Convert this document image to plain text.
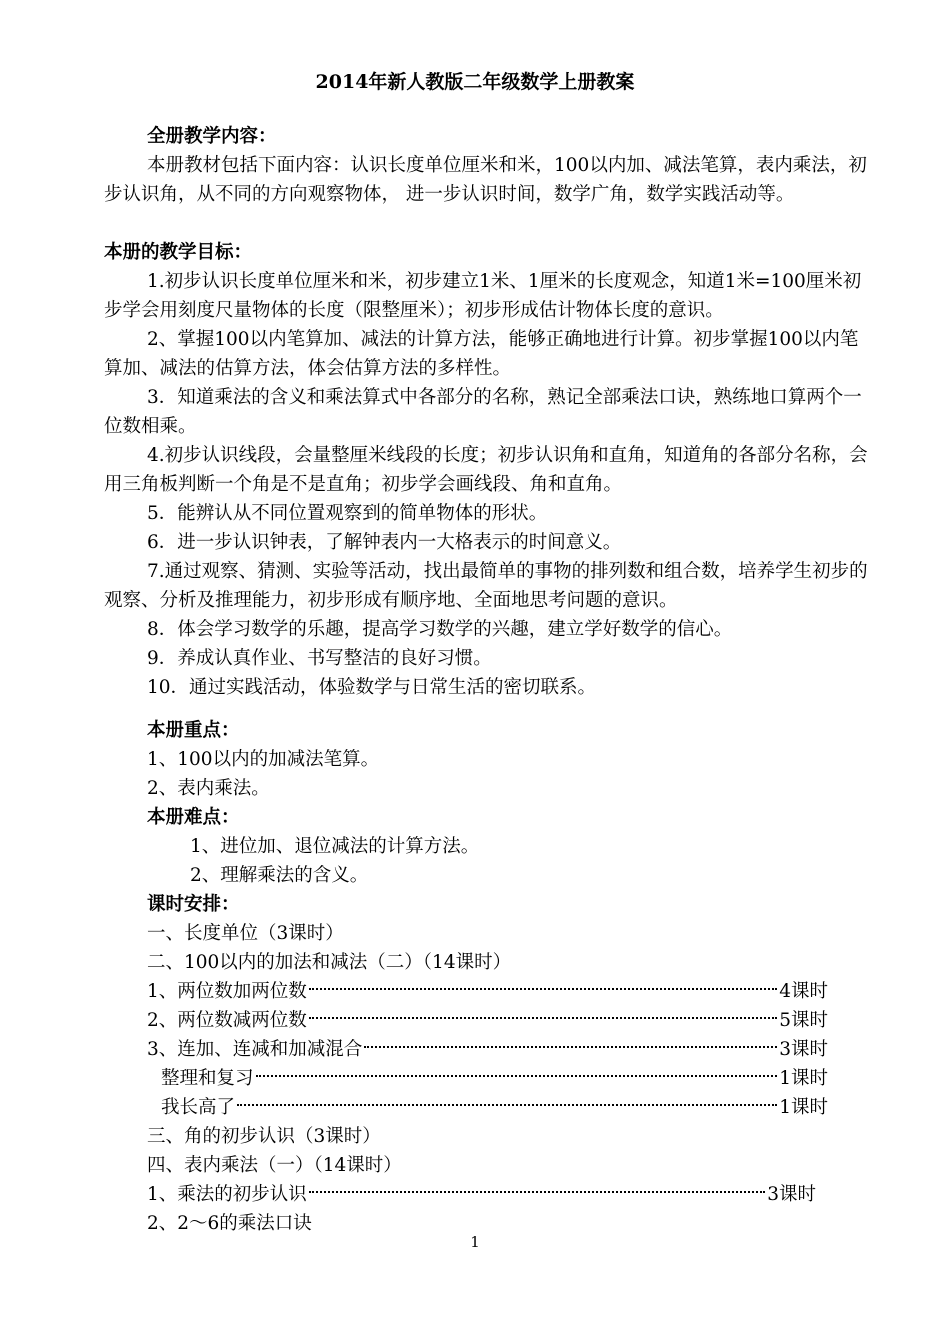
2014年新人教版二年级数学上册教案
全册教学内容：
本册教材包括下面内容：认识长度单位厘米和米，100以内加、减法笔算，表内乘法，初步认识角，从不同的方向观察物体， 进一步认识时间，数学广角，数学实践活动等。
本册的教学目标：
1.初步认识长度单位厘米和米，初步建立1米、1厘米的长度观念，知道1米=100厘米初步学会用刻度尺量物体的长度（限整厘米）；初步形成估计物体长度的意识。
2、掌握100以内笔算加、减法的计算方法，能够正确地进行计算。初步掌握100以内笔算加、减法的估算方法，体会估算方法的多样性。
3．知道乘法的含义和乘法算式中各部分的名称，熟记全部乘法口诀，熟练地口算两个一位数相乘。
4.初步认识线段，会量整厘米线段的长度；初步认识角和直角，知道角的各部分名称，会用三角板判断一个角是不是直角；初步学会画线段、角和直角。
5．能辨认从不同位置观察到的简单物体的形状。
6．进一步认识钟表，了解钟表内一大格表示的时间意义。
7.通过观察、猜测、实验等活动，找出最简单的事物的排列数和组合数，培养学生初步的观察、分析及推理能力，初步形成有顺序地、全面地思考问题的意识。
8．体会学习数学的乐趣，提高学习数学的兴趣，建立学好数学的信心。
9．养成认真作业、书写整洁的良好习惯。
10．通过实践活动，体验数学与日常生活的密切联系。
本册重点：
1、100以内的加减法笔算。
2、表内乘法。
本册难点：
1、进位加、退位减法的计算方法。
2、理解乘法的含义。
课时安排：
一、长度单位（3课时）
二、100以内的加法和减法（二）（14课时）
1、两位数加两位数	4课时
2、两位数减两位数	5课时
3、连加、连减和加减混合	3课时
整理和复习	1课时
我长高了	1课时
三、角的初步认识（3课时）
四、表内乘法（一）（14课时）
1、乘法的初步认识	3课时
2、2～6的乘法口诀
1
